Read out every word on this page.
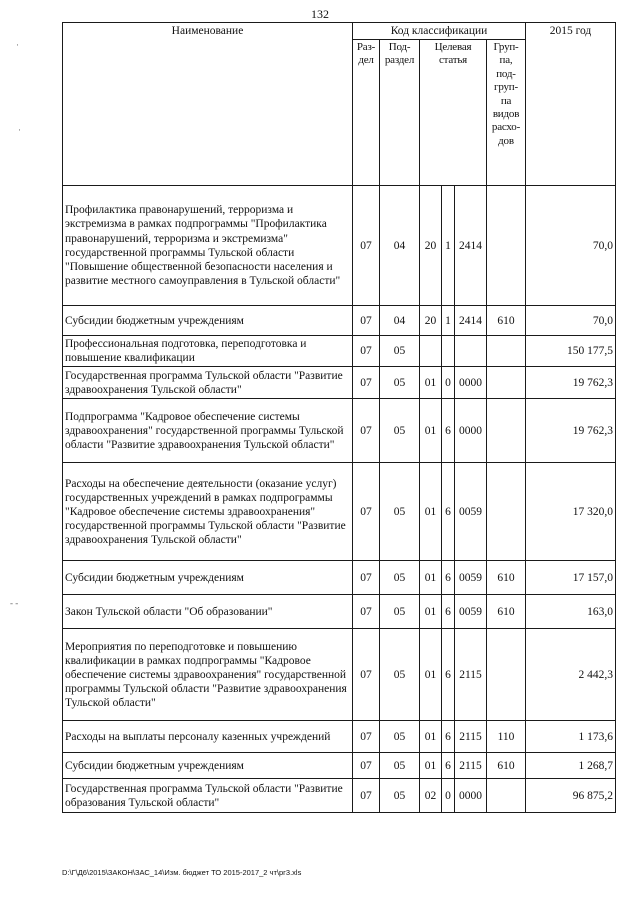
132
·
·
- -
Наименование	Код классификации						2015 год
	Раз-дел	Под-раздел	Целевая статья			Груп-па, под-груп-па видов расхо-дов	
Профилактика правонарушений, терроризма и экстремизма в рамках подпрограммы "Профилактика правонарушений, терроризма и экстремизма" государственной программы Тульской области "Повышение общественной безопасности населения и развитие местного самоуправления в Тульской области"	07	04	20	1	2414		70,0
Субсидии бюджетным учреждениям	07	04	20	1	2414	610	70,0
Профессиональная подготовка, переподготовка и повышение квалификации	07	05					150 177,5
Государственная программа Тульской области "Развитие здравоохранения Тульской области"	07	05	01	0	0000		19 762,3
Подпрограмма "Кадровое обеспечение системы здравоохранения" государственной программы Тульской области "Развитие здравоохранения Тульской области"	07	05	01	6	0000		19 762,3
Расходы на обеспечение деятельности (оказание услуг) государственных учреждений в рамках подпрограммы "Кадровое обеспечение системы здравоохранения" государственной программы Тульской области "Развитие здравоохранения Тульской области"	07	05	01	6	0059		17 320,0
Субсидии бюджетным учреждениям	07	05	01	6	0059	610	17 157,0
Закон Тульской области "Об образовании"	07	05	01	6	0059	610	163,0
Мероприятия по переподготовке и повышению квалификации в рамках подпрограммы "Кадровое обеспечение системы здравоохранения" государственной программы Тульской области "Развитие здравоохранения Тульской области"	07	05	01	6	2115		2 442,3
Расходы на выплаты персоналу казенных учреждений	07	05	01	6	2115	110	1 173,6
Субсидии бюджетным учреждениям	07	05	01	6	2115	610	1 268,7
Государственная программа Тульской области "Развитие образования Тульской области"	07	05	02	0	0000		96 875,2
D:\Г\Д6\2015\ЗАКОН\ЗАС_14\Изм. бюджет ТО 2015-2017_2 чт\рг3.xls
